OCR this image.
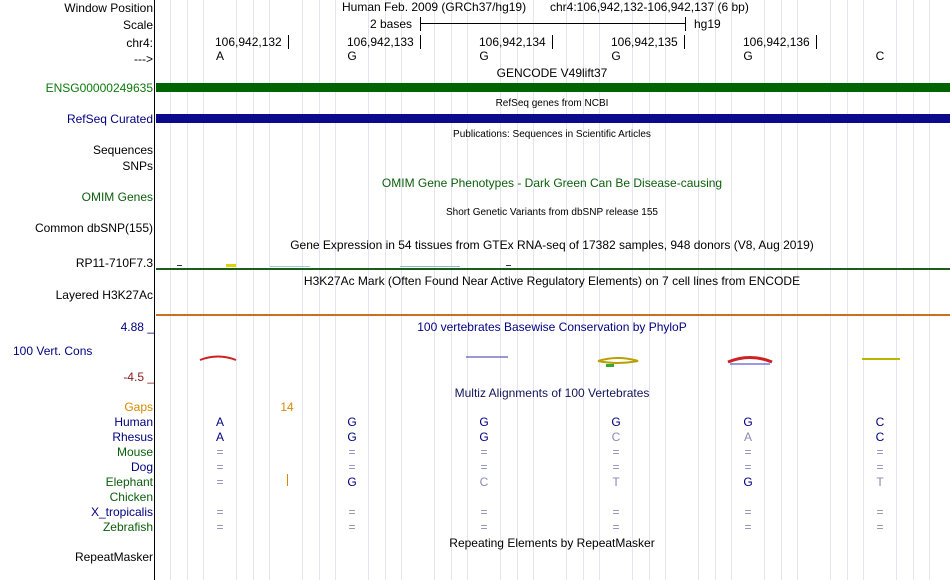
Window Position
Scale
chr4:
--->
Human Feb. 2009 (GRCh37/hg19) chr4:106,942,132-106,942,137 (6 bp)
2 bases	hg19
106,942,132	106,942,133	106,942,134	106,942,135	106,942,136
A	G	G	G	G	C
GENCODE V49lift37
ENSG00000249635
RefSeq genes from NCBI
RefSeq Curated
Publications: Sequences in Scientific Articles
Sequences
SNPs
OMIM Gene Phenotypes - Dark Green Can Be Disease-causing
OMIM Genes
Short Genetic Variants from dbSNP release 155
Common dbSNP(155)
Gene Expression in 54 tissues from GTEx RNA-seq of 17382 samples, 948 donors (V8, Aug 2019)
RP11-710F7.3
H3K27Ac Mark (Often Found Near Active Regulatory Elements) on 7 cell lines from ENCODE
Layered H3K27Ac
4.88 _	100 vertebrates Basewise Conservation by PhyloP
100 Vert. Cons
-4.5 _
Multiz Alignments of 100 Vertebrates
Gaps	14
Human	A	G	G	G	G	C
Rhesus	A	G	G	C	A	C
Mouse	=	=	=	=	=	=
Dog	=	=	=	=	=	=
Elephant	=	G	C	T	G	T
Chicken
X_tropicalis	=	=	=	=	=	=
Zebrafish	=	=	=	=	=	=
Repeating Elements by RepeatMasker
RepeatMasker
